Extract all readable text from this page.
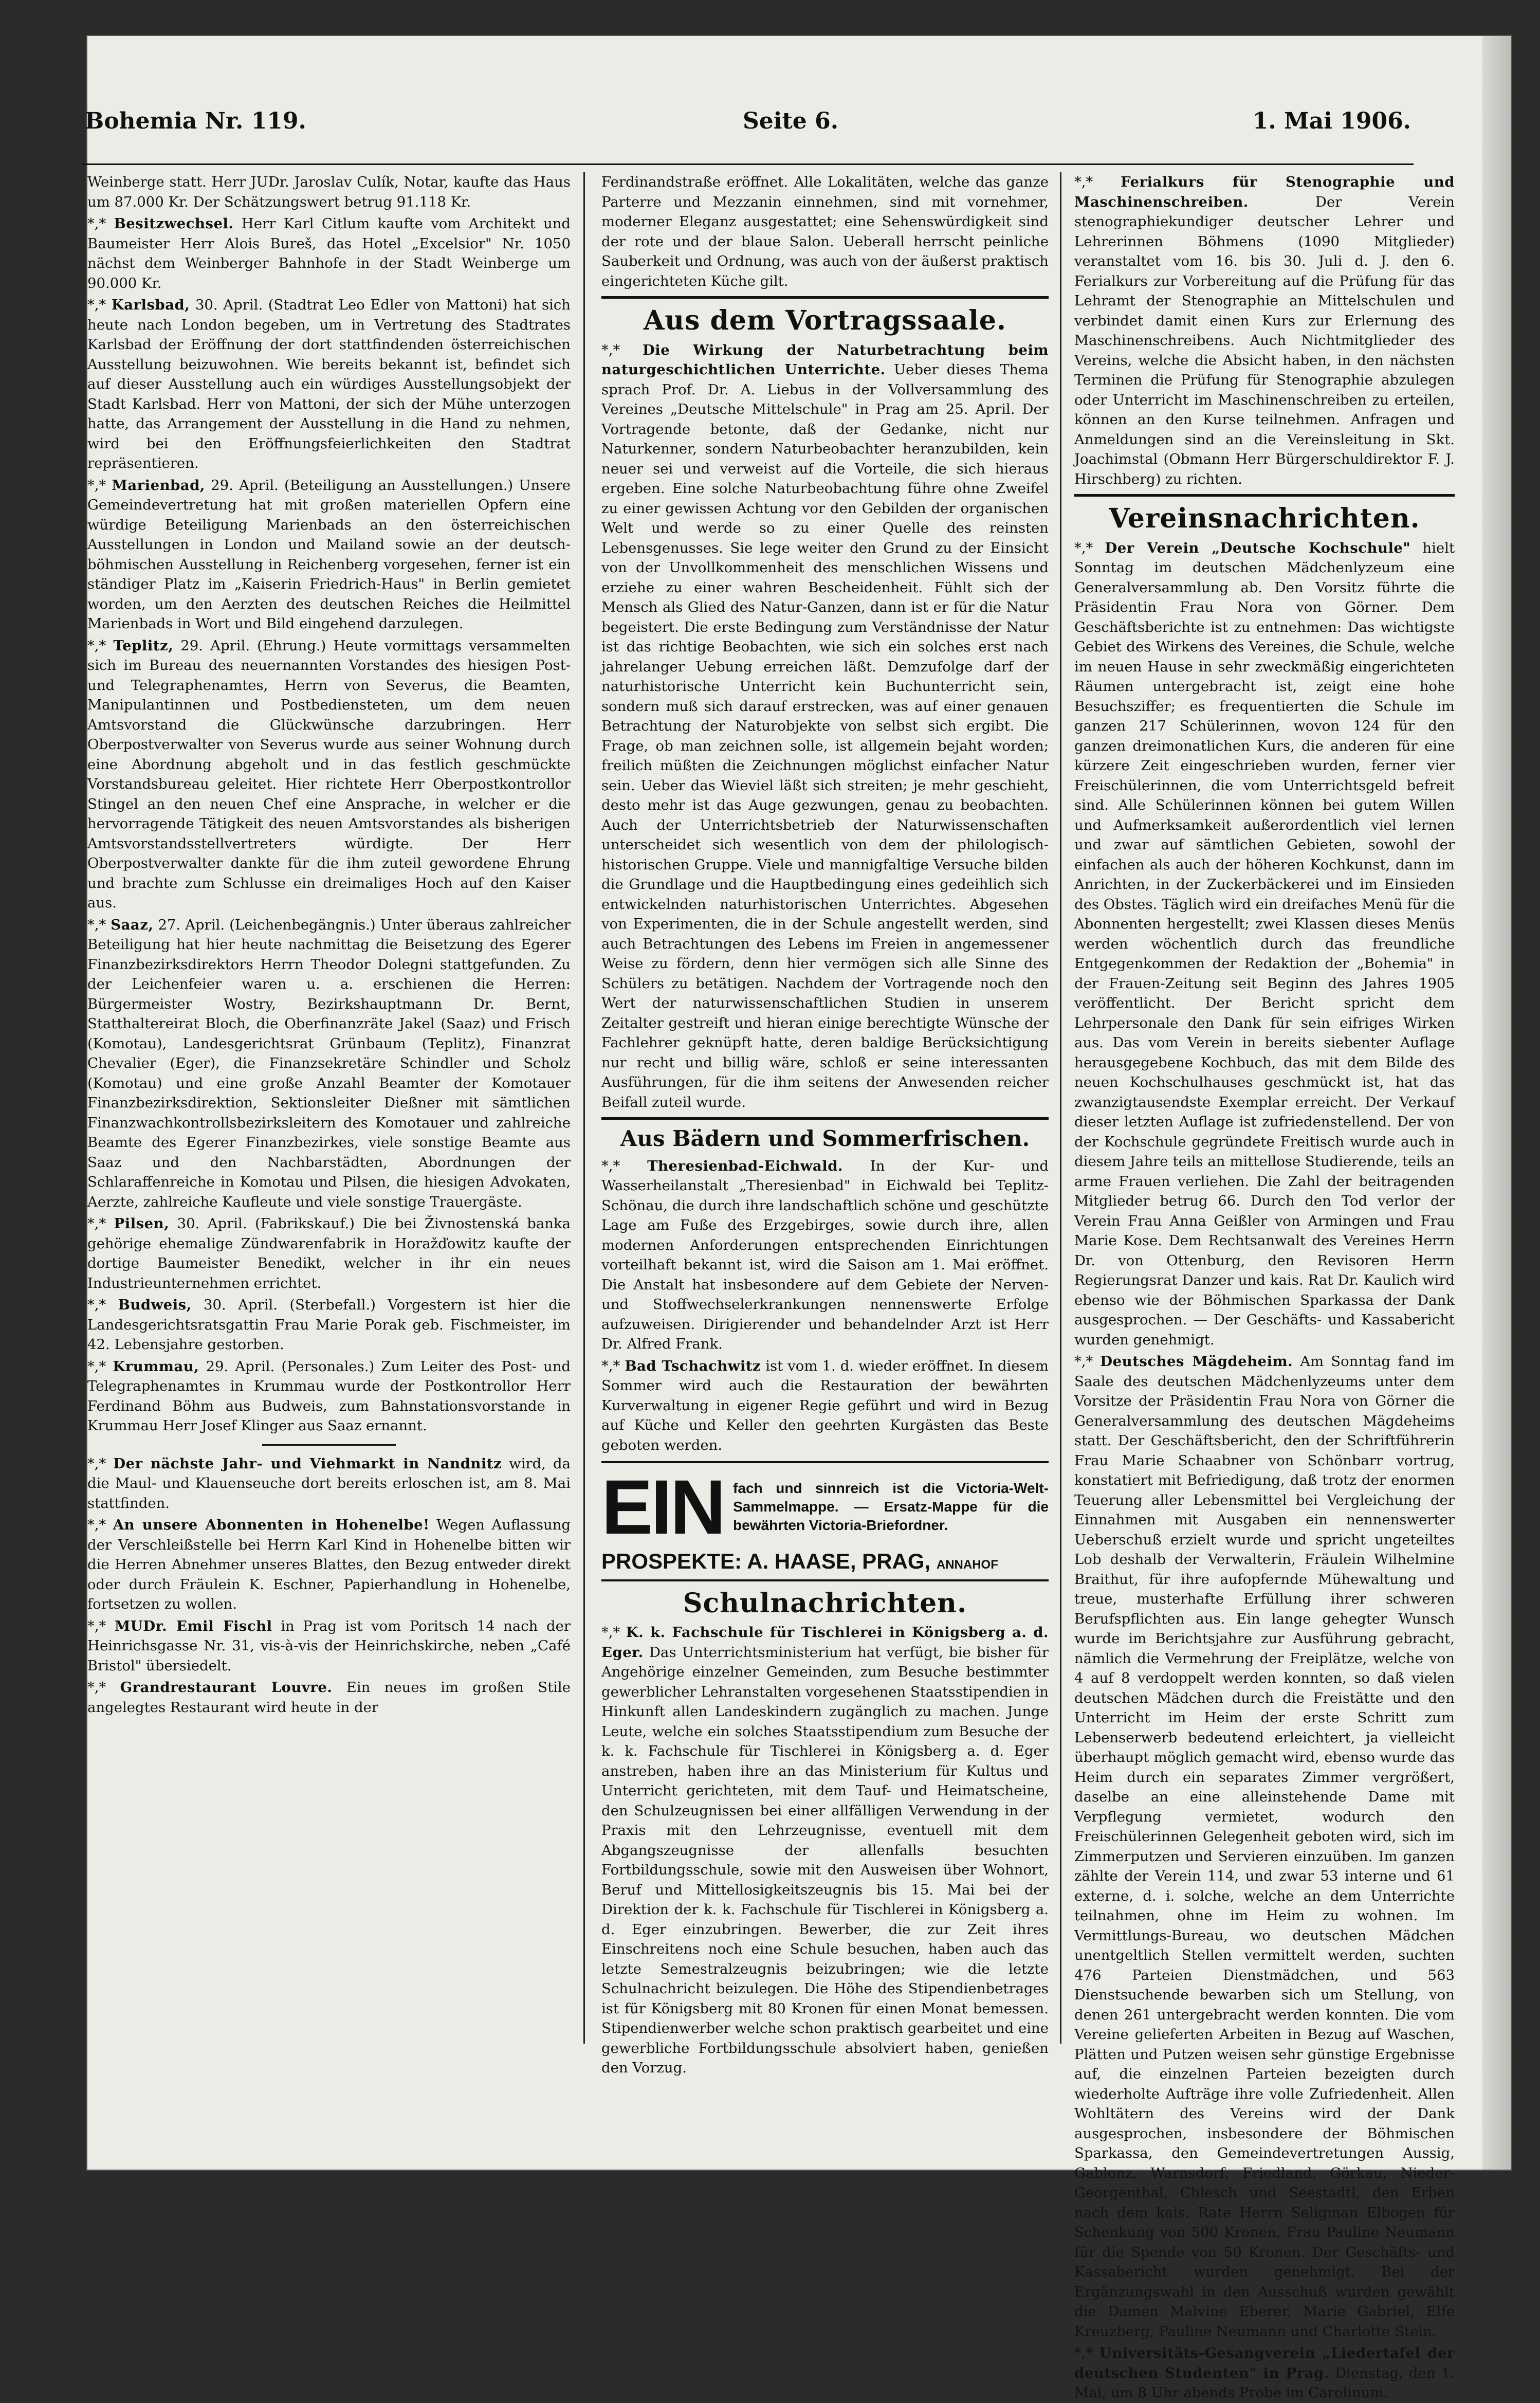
Bohemia Nr. 119.	Seite 6.	1. Mai 1906.

Weinberge statt. Herr JUDr. Jaroslav Culík, Notar, kaufte das Haus um 87.000 Kr. Der Schätzungswert betrug 91.118 Kr.

*,* Besitzwechsel. Herr Karl Citlum kaufte vom Architekt und Baumeister Herr Alois Bureš, das Hotel „Excelsior" Nr. 1050 nächst dem Weinberger Bahnhofe in der Stadt Weinberge um 90.000 Kr.

*,* Karlsbad, 30. April. (Stadtrat Leo Edler von Mattoni) hat sich heute nach London begeben, um in Vertretung des Stadtrates Karlsbad der Eröffnung der dort stattfindenden österreichischen Ausstellung beizuwohnen. Wie bereits bekannt ist, befindet sich auf dieser Ausstellung auch ein würdiges Ausstellungsobjekt der Stadt Karlsbad. Herr von Mattoni, der sich der Mühe unterzogen hatte, das Arrangement der Ausstellung in die Hand zu nehmen, wird bei den Eröffnungsfeierlichkeiten den Stadtrat repräsentieren.

*,* Marienbad, 29. April. (Beteiligung an Ausstellungen.) Unsere Gemeindevertretung hat mit großen materiellen Opfern eine würdige Beteiligung Marienbads an den österreichischen Ausstellungen in London und Mailand sowie an der deutsch-böhmischen Ausstellung in Reichenberg vorgesehen, ferner ist ein ständiger Platz im „Kaiserin Friedrich-Haus" in Berlin gemietet worden, um den Aerzten des deutschen Reiches die Heilmittel Marienbads in Wort und Bild eingehend darzulegen.

*,* Teplitz, 29. April. (Ehrung.) Heute vormittags versammelten sich im Bureau des neuernannten Vorstandes des hiesigen Post- und Telegraphenamtes, Herrn von Severus, die Beamten, Manipulantinnen und Postbediensteten, um dem neuen Amtsvorstand die Glückwünsche darzubringen. Herr Oberpostverwalter von Severus wurde aus seiner Wohnung durch eine Abordnung abgeholt und in das festlich geschmückte Vorstandsbureau geleitet. Hier richtete Herr Oberpostkontrollor Stingel an den neuen Chef eine Ansprache, in welcher er die hervorragende Tätigkeit des neuen Amtsvorstandes als bisherigen Amtsvorstandsstellvertreters würdigte. Der Herr Oberpostverwalter dankte für die ihm zuteil gewordene Ehrung und brachte zum Schlusse ein dreimaliges Hoch auf den Kaiser aus.

*,* Saaz, 27. April. (Leichenbegängnis.) Unter überaus zahlreicher Beteiligung hat hier heute nachmittag die Beisetzung des Egerer Finanzbezirksdirektors Herrn Theodor Dolegni stattgefunden. Zu der Leichenfeier waren u. a. erschienen die Herren: Bürgermeister Wostry, Bezirkshauptmann Dr. Bernt, Statthaltereirat Bloch, die Oberfinanzräte Jakel (Saaz) und Frisch (Komotau), Landesgerichtsrat Grünbaum (Teplitz), Finanzrat Chevalier (Eger), die Finanzsekretäre Schindler und Scholz (Komotau) und eine große Anzahl Beamter der Komotauer Finanzbezirksdirektion, Sektionsleiter Dießner mit sämtlichen Finanzwachkontrollsbezirksleitern des Komotauer und zahlreiche Beamte des Egerer Finanzbezirkes, viele sonstige Beamte aus Saaz und den Nachbarstädten, Abordnungen der Schlaraffenreiche in Komotau und Pilsen, die hiesigen Advokaten, Aerzte, zahlreiche Kaufleute und viele sonstige Trauergäste.

*,* Pilsen, 30. April. (Fabrikskauf.) Die bei Živnostenská banka gehörige ehemalige Zündwarenfabrik in Horažďowitz kaufte der dortige Baumeister Benedikt, welcher in ihr ein neues Industrieunternehmen errichtet.

*,* Budweis, 30. April. (Sterbefall.) Vorgestern ist hier die Landesgerichtsratsgattin Frau Marie Porak geb. Fischmeister, im 42. Lebensjahre gestorben.

*,* Krummau, 29. April. (Personales.) Zum Leiter des Post- und Telegraphenamtes in Krummau wurde der Postkontrollor Herr Ferdinand Böhm aus Budweis, zum Bahnstationsvorstande in Krummau Herr Josef Klinger aus Saaz ernannt.

*,* Der nächste Jahr- und Viehmarkt in Nandnitz wird, da die Maul- und Klauenseuche dort bereits erloschen ist, am 8. Mai stattfinden.

*,* An unsere Abonnenten in Hohenelbe! Wegen Auflassung der Verschleißstelle bei Herrn Karl Kind in Hohenelbe bitten wir die Herren Abnehmer unseres Blattes, den Bezug entweder direkt oder durch Fräulein K. Eschner, Papierhandlung in Hohenelbe, fortsetzen zu wollen.

*,* MUDr. Emil Fischl in Prag ist vom Poritsch 14 nach der Heinrichsgasse Nr. 31, vis-à-vis der Heinrichskirche, neben „Café Bristol" übersiedelt.

*,* Grandrestaurant Louvre. Ein neues im großen Stile angelegtes Restaurant wird heute in der

Ferdinandstraße eröffnet. Alle Lokalitäten, welche das ganze Parterre und Mezzanin einnehmen, sind mit vornehmer, moderner Eleganz ausgestattet; eine Sehenswürdigkeit sind der rote und der blaue Salon. Ueberall herrscht peinliche Sauberkeit und Ordnung, was auch von der äußerst praktisch eingerichteten Küche gilt.

Aus dem Vortragssaale.

*,* Die Wirkung der Naturbetrachtung beim naturgeschichtlichen Unterrichte. Ueber dieses Thema sprach Prof. Dr. A. Liebus in der Vollversammlung des Vereines „Deutsche Mittelschule" in Prag am 25. April. Der Vortragende betonte, daß der Gedanke, nicht nur Naturkenner, sondern Naturbeobachter heranzubilden, kein neuer sei und verweist auf die Vorteile, die sich hieraus ergeben. Eine solche Naturbeobachtung führe ohne Zweifel zu einer gewissen Achtung vor den Gebilden der organischen Welt und werde so zu einer Quelle des reinsten Lebensgenusses. Sie lege weiter den Grund zu der Einsicht von der Unvollkommenheit des menschlichen Wissens und erziehe zu einer wahren Bescheidenheit. Fühlt sich der Mensch als Glied des Natur-Ganzen, dann ist er für die Natur begeistert. Die erste Bedingung zum Verständnisse der Natur ist das richtige Beobachten, wie sich ein solches erst nach jahrelanger Uebung erreichen läßt. Demzufolge darf der naturhistorische Unterricht kein Buchunterricht sein, sondern muß sich darauf erstrecken, was auf einer genauen Betrachtung der Naturobjekte von selbst sich ergibt. Die Frage, ob man zeichnen solle, ist allgemein bejaht worden; freilich müßten die Zeichnungen möglichst einfacher Natur sein. Ueber das Wieviel läßt sich streiten; je mehr geschieht, desto mehr ist das Auge gezwungen, genau zu beobachten. Auch der Unterrichtsbetrieb der Naturwissenschaften unterscheidet sich wesentlich von dem der philologisch-historischen Gruppe. Viele und mannigfaltige Versuche bilden die Grundlage und die Hauptbedingung eines gedeihlich sich entwickelnden naturhistorischen Unterrichtes. Abgesehen von Experimenten, die in der Schule angestellt werden, sind auch Betrachtungen des Lebens im Freien in angemessener Weise zu fördern, denn hier vermögen sich alle Sinne des Schülers zu betätigen. Nachdem der Vortragende noch den Wert der naturwissenschaftlichen Studien in unserem Zeitalter gestreift und hieran einige berechtigte Wünsche der Fachlehrer geknüpft hatte, deren baldige Berücksichtigung nur recht und billig wäre, schloß er seine interessanten Ausführungen, für die ihm seitens der Anwesenden reicher Beifall zuteil wurde.

Aus Bädern und Sommerfrischen.

*,* Theresienbad-Eichwald. In der Kur- und Wasserheilanstalt „Theresienbad" in Eichwald bei Teplitz-Schönau, die durch ihre landschaftlich schöne und geschützte Lage am Fuße des Erzgebirges, sowie durch ihre, allen modernen Anforderungen entsprechenden Einrichtungen vorteilhaft bekannt ist, wird die Saison am 1. Mai eröffnet. Die Anstalt hat insbesondere auf dem Gebiete der Nerven- und Stoffwechselerkrankungen nennenswerte Erfolge aufzuweisen. Dirigierender und behandelnder Arzt ist Herr Dr. Alfred Frank.

*,* Bad Tschachwitz ist vom 1. d. wieder eröffnet. In diesem Sommer wird auch die Restauration der bewährten Kurverwaltung in eigener Regie geführt und wird in Bezug auf Küche und Keller den geehrten Kurgästen das Beste geboten werden.

EIN fach und sinnreich ist die Victoria-Welt-Sammelmappe. — Ersatz-Mappe für die bewährten Victoria-Briefordner.
PROSPEKTE: A. HAASE, PRAG, ANNAHOF
Schulnachrichten.

*,* K. k. Fachschule für Tischlerei in Königsberg a. d. Eger. Das Unterrichtsministerium hat verfügt, bie bisher für Angehörige einzelner Gemeinden, zum Besuche bestimmter gewerblicher Lehranstalten vorgesehenen Staatsstipendien in Hinkunft allen Landeskindern zugänglich zu machen. Junge Leute, welche ein solches Staatsstipendium zum Besuche der k. k. Fachschule für Tischlerei in Königsberg a. d. Eger anstreben, haben ihre an das Ministerium für Kultus und Unterricht gerichteten, mit dem Tauf- und Heimatscheine, den Schulzeugnissen bei einer allfälligen Verwendung in der Praxis mit den Lehrzeugnisse, eventuell mit dem Abgangszeugnisse der allenfalls besuchten Fortbildungsschule, sowie mit den Ausweisen über Wohnort, Beruf und Mittellosigkeitszeugnis bis 15. Mai bei der Direktion der k. k. Fachschule für Tischlerei in Königsberg a. d. Eger einzubringen. Bewerber, die zur Zeit ihres Einschreitens noch eine Schule besuchen, haben auch das letzte Semestralzeugnis beizubringen; wie die letzte Schulnachricht beizulegen. Die Höhe des Stipendienbetrages ist für Königsberg mit 80 Kronen für einen Monat bemessen. Stipendienwerber welche schon praktisch gearbeitet und eine gewerbliche Fortbildungsschule absolviert haben, genießen den Vorzug.

*,* Ferialkurs für Stenographie und Maschinenschreiben.	Der Verein stenographiekundiger deutscher Lehrer und Lehrerinnen Böhmens (1090 Mitglieder) veranstaltet vom 16. bis 30. Juli d. J. den 6. Ferialkurs zur Vorbereitung auf die Prüfung für das Lehramt der Stenographie an Mittelschulen und verbindet damit einen Kurs zur Erlernung des Maschinenschreibens. Auch Nichtmitglieder des Vereins, welche die Absicht haben, in den nächsten Terminen die Prüfung für Stenographie abzulegen oder Unterricht im Maschinenschreiben zu erteilen, können an den Kurse teilnehmen. Anfragen und Anmeldungen sind an die Vereinsleitung in Skt. Joachimstal (Obmann Herr Bürgerschuldirektor F. J. Hirschberg) zu richten.

Vereinsnachrichten.

*,* Der Verein „Deutsche Kochschule" hielt Sonntag im deutschen Mädchenlyzeum eine Generalversammlung ab. Den Vorsitz führte die Präsidentin Frau Nora von Görner. Dem Geschäftsberichte ist zu entnehmen: Das wichtigste Gebiet des Wirkens des Vereines, die Schule, welche im neuen Hause in sehr zweckmäßig eingerichteten Räumen untergebracht ist, zeigt eine hohe Besuchsziffer; es frequentierten die Schule im ganzen 217 Schülerinnen, wovon 124 für den ganzen dreimonatlichen Kurs, die anderen für eine kürzere Zeit eingeschrieben wurden, ferner vier Freischülerinnen, die vom Unterrichtsgeld befreit sind. Alle Schülerinnen können bei gutem Willen und Aufmerksamkeit außerordentlich viel lernen und zwar auf sämtlichen Gebieten, sowohl der einfachen als auch der höheren Kochkunst, dann im Anrichten, in der Zuckerbäckerei und im Einsieden des Obstes. Täglich wird ein dreifaches Menü für die Abonnenten hergestellt; zwei Klassen dieses Menüs werden wöchentlich durch das freundliche Entgegenkommen der Redaktion der „Bohemia" in der Frauen-Zeitung seit Beginn des Jahres 1905 veröffentlicht. Der Bericht spricht dem Lehrpersonale den Dank für sein eifriges Wirken aus. Das vom Verein in bereits siebenter Auflage herausgegebene Kochbuch, das mit dem Bilde des neuen Kochschulhauses geschmückt ist, hat das zwanzigtausendste Exemplar erreicht. Der Verkauf dieser letzten Auflage ist zufriedenstellend. Der von der Kochschule gegründete Freitisch wurde auch in diesem Jahre teils an mittellose Studierende, teils an arme Frauen verliehen. Die Zahl der beitragenden Mitglieder betrug 66. Durch den Tod verlor der Verein Frau Anna Geißler von Armingen und Frau Marie Kose. Dem Rechtsanwalt des Vereines Herrn Dr. von Ottenburg, den Revisoren Herrn Regierungsrat Danzer und kais. Rat Dr. Kaulich wird ebenso wie der Böhmischen Sparkassa der Dank ausgesprochen. — Der Geschäfts- und Kassabericht wurden genehmigt.

*,* Deutsches Mägdeheim. Am Sonntag fand im Saale des deutschen Mädchenlyzeums unter dem Vorsitze der Präsidentin Frau Nora von Görner die Generalversammlung des deutschen Mägdeheims statt. Der Geschäftsbericht, den der Schriftführerin Frau Marie Schaabner von Schönbarr vortrug, konstatiert mit Befriedigung, daß trotz der enormen Teuerung aller Lebensmittel bei Vergleichung der Einnahmen mit Ausgaben ein nennenswerter Ueberschuß erzielt wurde und spricht ungeteiltes Lob deshalb der Verwalterin, Fräulein Wilhelmine Braithut, für ihre aufopfernde Mühewaltung und treue, musterhafte Erfüllung ihrer schweren Berufspflichten aus. Ein lange gehegter Wunsch wurde im Berichtsjahre zur Ausführung gebracht, nämlich die Vermehrung der Freiplätze, welche von 4 auf 8 verdoppelt werden konnten, so daß vielen deutschen Mädchen durch die Freistätte und den Unterricht im Heim der erste Schritt zum Lebenserwerb bedeutend erleichtert, ja vielleicht überhaupt möglich gemacht wird, ebenso wurde das Heim durch ein separates Zimmer vergrößert, daselbe an eine alleinstehende Dame mit Verpflegung vermietet, wodurch den Freischülerinnen Gelegenheit geboten wird, sich im Zimmerputzen und Servieren einzuüben. Im ganzen zählte der Verein 114, und zwar 53 interne und 61 externe, d. i. solche, welche an dem Unterrichte teilnahmen, ohne im Heim zu wohnen. Im Vermittlungs-Bureau, wo deutschen Mädchen unentgeltlich Stellen vermittelt werden, suchten 476 Parteien Dienstmädchen, und 563 Dienstsuchende bewarben sich um Stellung, von denen 261 untergebracht werden konnten. Die vom Vereine gelieferten Arbeiten in Bezug auf Waschen, Plätten und Putzen weisen sehr günstige Ergebnisse auf, die einzelnen Parteien bezeigten durch wiederholte Aufträge ihre volle Zufriedenheit. Allen Wohltätern des Vereins wird der Dank ausgesprochen, insbesondere der Böhmischen Sparkassa, den Gemeindevertretungen Aussig, Gablonz, Warnsdorf, Friedland, Görkau, Nieder-Georgenthal, Chlesch und Seestadtl, den Erben nach dem kais. Rate Herrn Seligman Elbogen für Schenkung von 500 Kronen, Frau Pauline Neumann für die Spende von 50 Kronen. Der Geschäfts- und Kassabericht wurden genehmigt. Bei der Ergänzungswahl in den Ausschuß wurden gewählt die Damen Malvine Eberer, Marie Gabriel, Elfe Kreuzberg, Pauline Neumann und Charlotte Stein.

*,* Universitäts-Gesangverein „Liedertafel der deutschen Studenten" in Prag. Dienstag, den 1. Mai, um 8 Uhr abends Probe im Carolinum.
